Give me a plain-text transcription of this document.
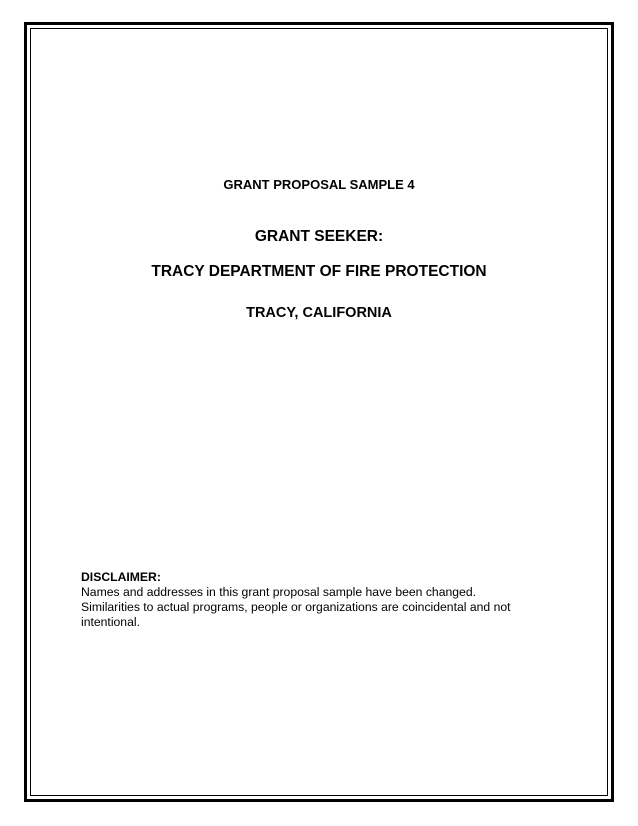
GRANT PROPOSAL SAMPLE 4
GRANT SEEKER:
TRACY DEPARTMENT OF FIRE PROTECTION
TRACY, CALIFORNIA
DISCLAIMER:
Names and addresses in this grant proposal sample have been changed.
Similarities to actual programs, people or organizations are coincidental and not
intentional.
